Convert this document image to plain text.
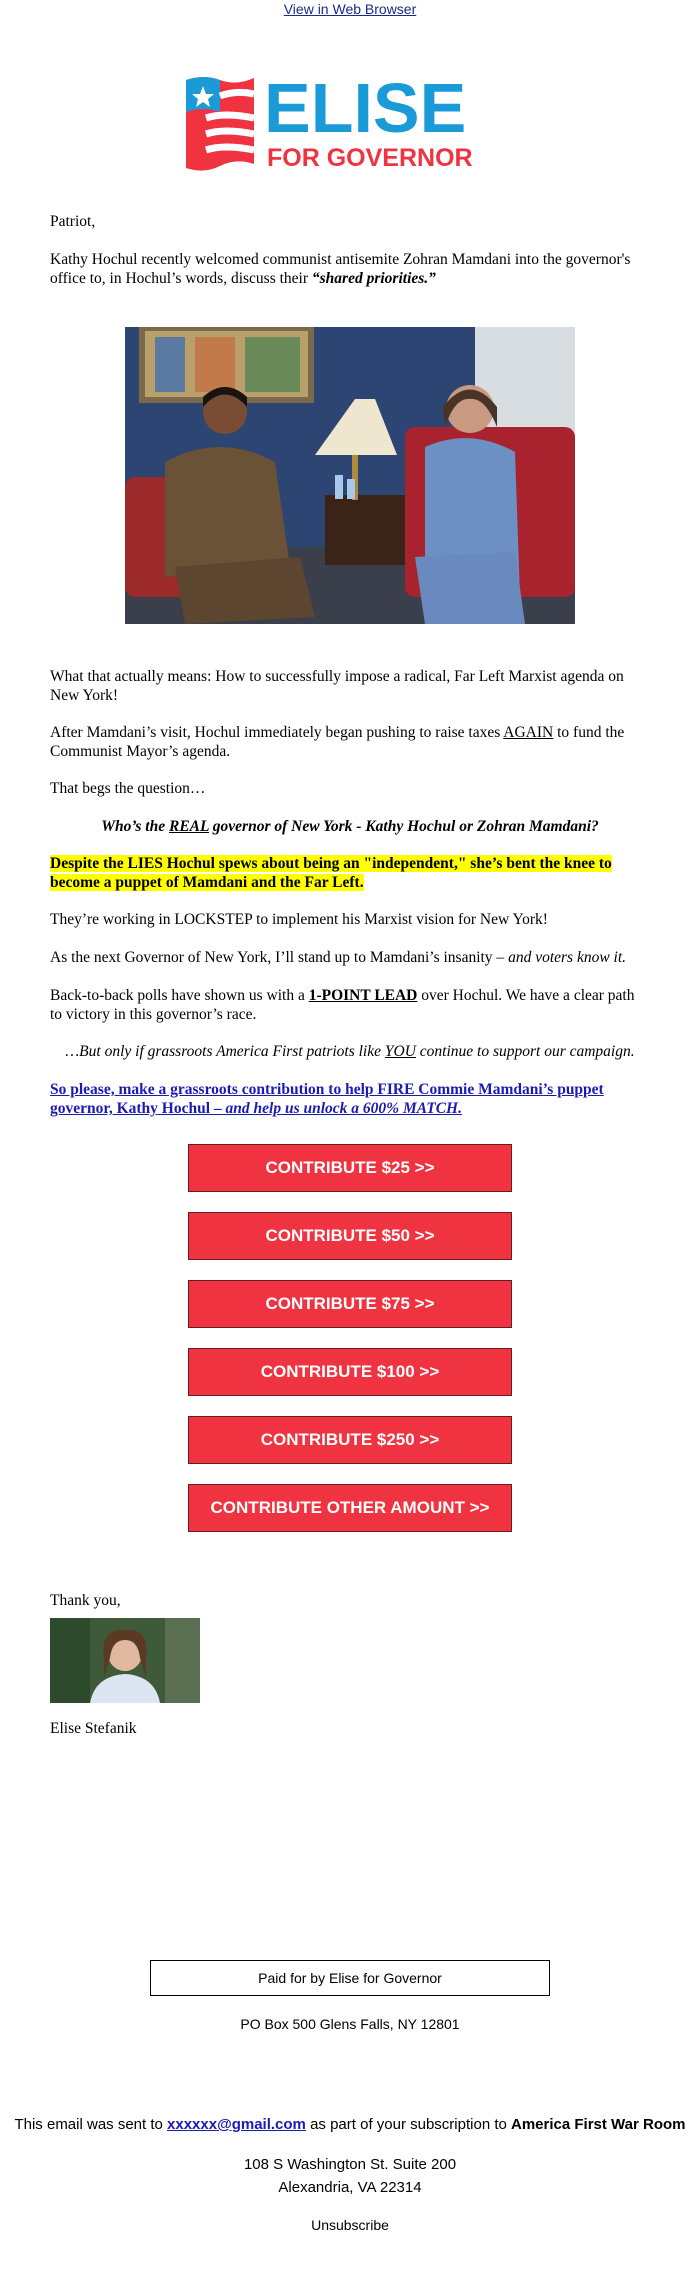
View in Web Browser
ELISE
FOR GOVERNOR

Patriot,

Kathy Hochul recently welcomed communist antisemite Zohran Mamdani into the governor's office to, in Hochul’s words, discuss their “shared priorities.”

What that actually means: How to successfully impose a radical, Far Left Marxist agenda on New York!

After Mamdani’s visit, Hochul immediately began pushing to raise taxes AGAIN to fund the Communist Mayor’s agenda.

That begs the question…

Who’s the REAL governor of New York - Kathy Hochul or Zohran Mamdani?

Despite the LIES Hochul spews about being an "independent," she’s bent the knee to become a puppet of Mamdani and the Far Left.

They’re working in LOCKSTEP to implement his Marxist vision for New York!

As the next Governor of New York, I’ll stand up to Mamdani’s insanity – and voters know it.

Back-to-back polls have shown us with a 1-POINT LEAD over Hochul. We have a clear path to victory in this governor’s race.

…But only if grassroots America First patriots like YOU continue to support our campaign.

So please, make a grassroots contribution to help FIRE Commie Mamdani’s puppet governor, Kathy Hochul – and help us unlock a 600% MATCH.

CONTRIBUTE $25 >>
CONTRIBUTE $50 >>
CONTRIBUTE $75 >>
CONTRIBUTE $100 >>
CONTRIBUTE $250 >>
CONTRIBUTE OTHER AMOUNT >>

Thank you,

Elise Stefanik

Paid for by Elise for Governor
PO Box 500 Glens Falls, NY 12801
This email was sent to xxxxxx@gmail.com as part of your subscription to America First War Room
108 S Washington St. Suite 200
Alexandria, VA 22314
Unsubscribe
